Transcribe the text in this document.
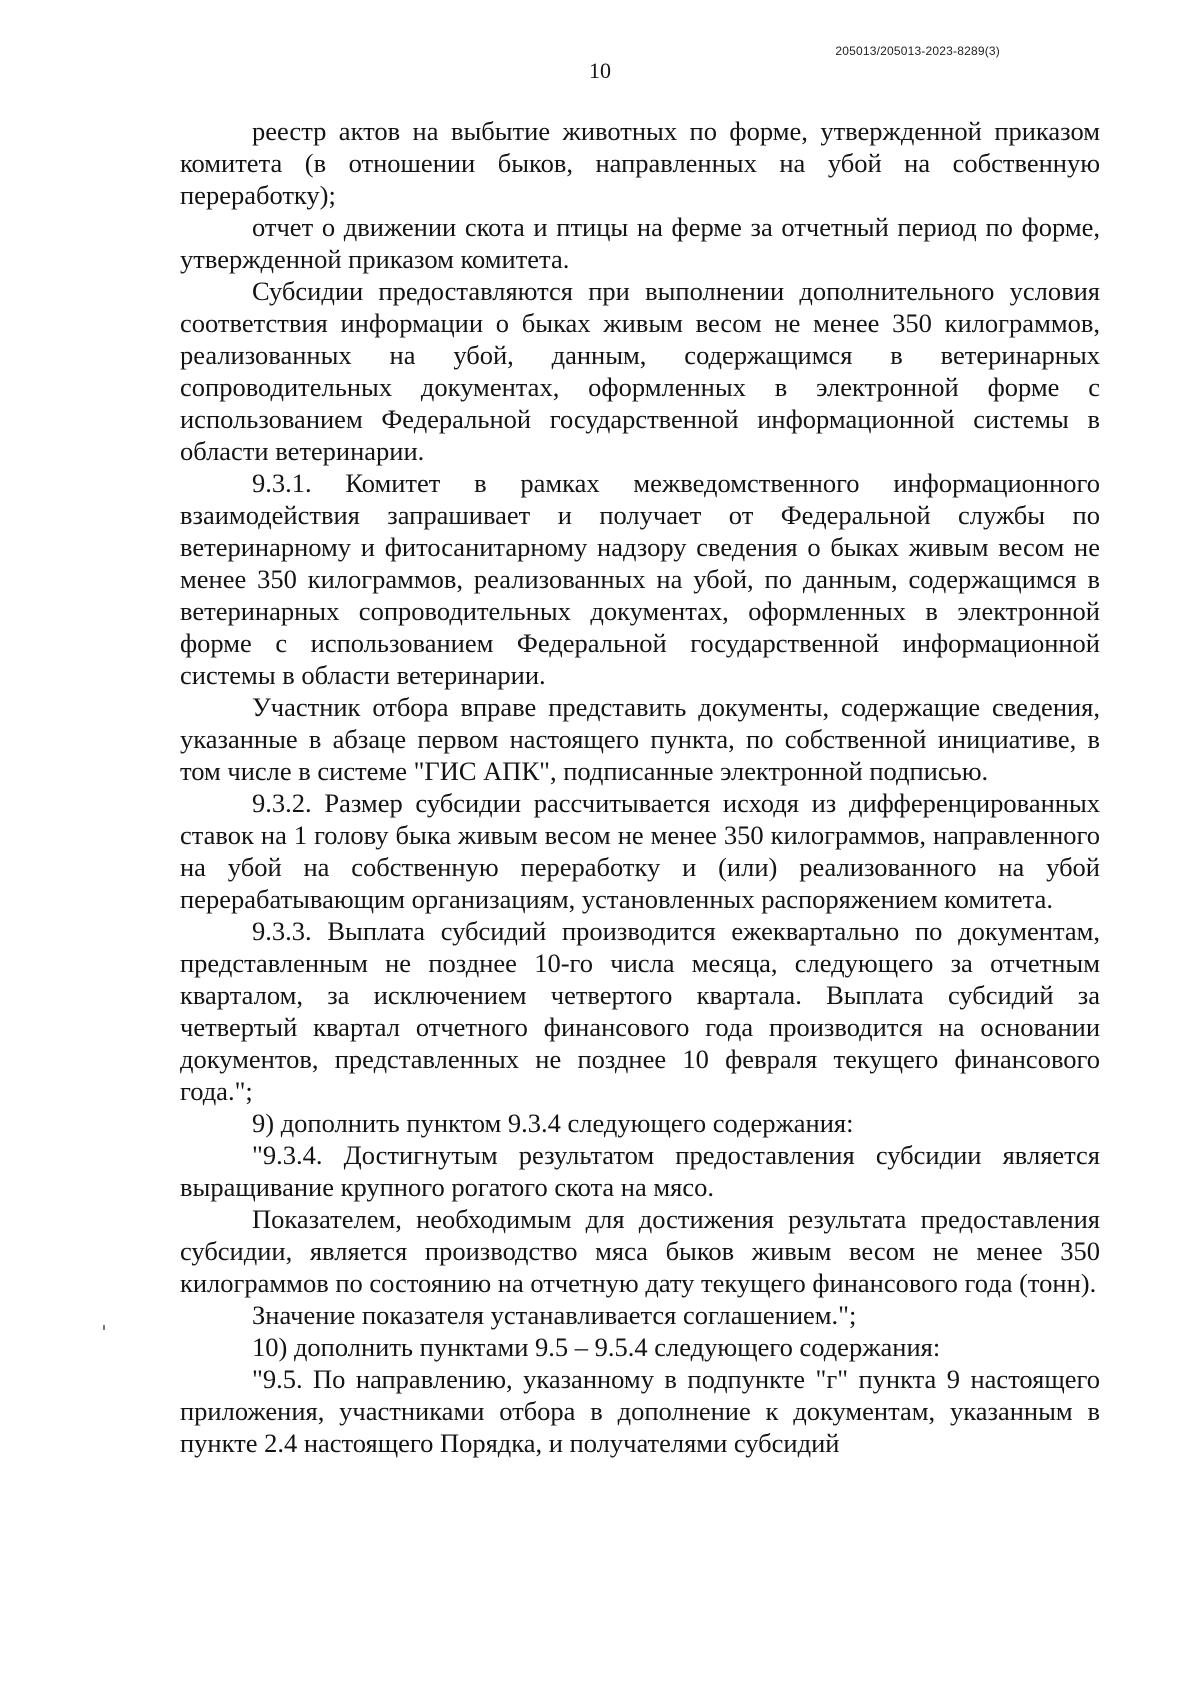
205013/205013-2023-8289(3)
10

реестр актов на выбытие животных по форме, утвержденной приказом комитета (в отношении быков, направленных на убой на собственную переработку);

отчет о движении скота и птицы на ферме за отчетный период по форме, утвержденной приказом комитета.

Субсидии предоставляются при выполнении дополнительного условия соответствия информации о быках живым весом не менее 350 килограммов, реализованных на убой, данным, содержащимся в ветеринарных сопроводительных документах, оформленных в электронной форме с использованием Федеральной государственной информационной системы в области ветеринарии.

9.3.1. Комитет в рамках межведомственного информационного взаимодействия запрашивает и получает от Федеральной службы по ветеринарному и фитосанитарному надзору сведения о быках живым весом не менее 350 килограммов, реализованных на убой, по данным, содержащимся в ветеринарных сопроводительных документах, оформленных в электронной форме с использованием Федеральной государственной информационной системы в области ветеринарии.

Участник отбора вправе представить документы, содержащие сведения, указанные в абзаце первом настоящего пункта, по собственной инициативе, в том числе в системе "ГИС АПК", подписанные электронной подписью.

9.3.2. Размер субсидии рассчитывается исходя из дифференцированных ставок на 1 голову быка живым весом не менее 350 килограммов, направленного на убой на собственную переработку и (или) реализованного на убой перерабатывающим организациям, установленных распоряжением комитета.

9.3.3. Выплата субсидий производится ежеквартально по документам, представленным не позднее 10-го числа месяца, следующего за отчетным кварталом, за исключением четвертого квартала. Выплата субсидий за четвертый квартал отчетного финансового года производится на основании документов, представленных не позднее 10 февраля текущего финансового года.";

9) дополнить пунктом 9.3.4 следующего содержания:

"9.3.4. Достигнутым результатом предоставления субсидии является выращивание крупного рогатого скота на мясо.

Показателем, необходимым для достижения результата предоставления субсидии, является производство мяса быков живым весом не менее 350 килограммов по состоянию на отчетную дату текущего финансового года (тонн).

Значение показателя устанавливается соглашением.";

10) дополнить пунктами 9.5 – 9.5.4 следующего содержания:

"9.5. По направлению, указанному в подпункте "г" пункта 9 настоящего приложения, участниками отбора в дополнение к документам, указанным в пункте 2.4 настоящего Порядка, и получателями субсидий
